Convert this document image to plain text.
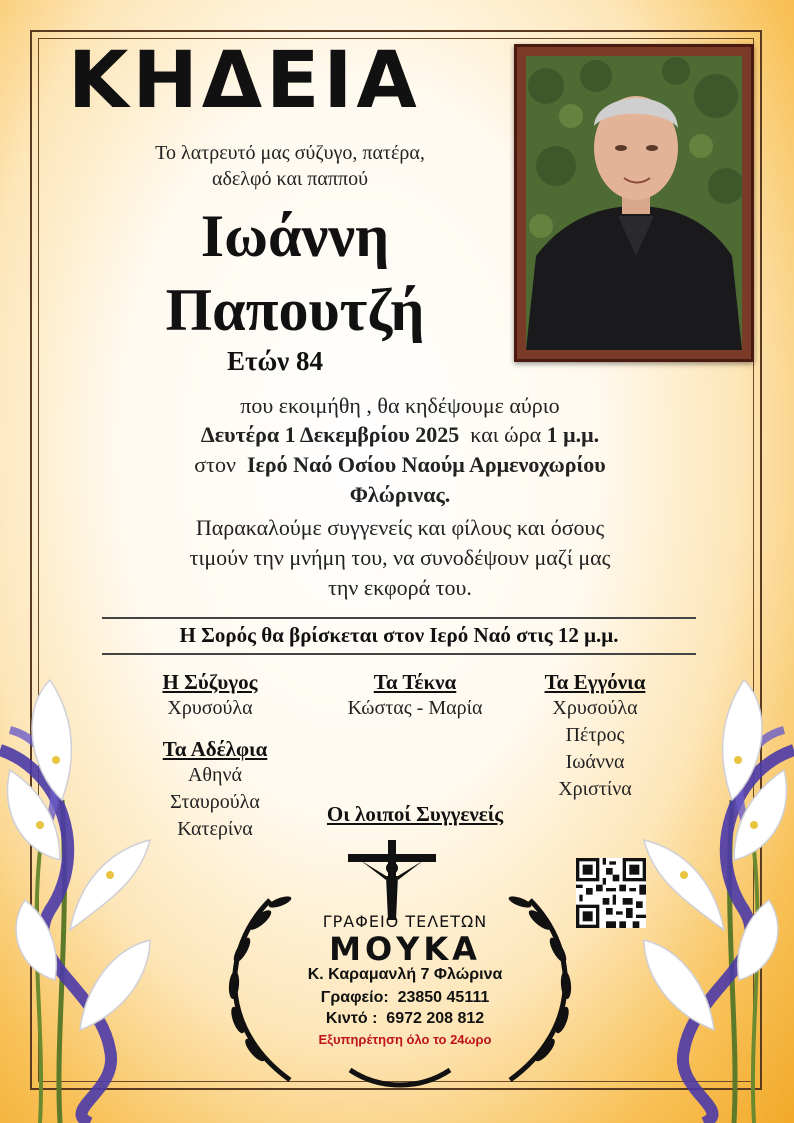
ΚΗΔΕΙΑ
Το λατρευτό μας σύζυγο, πατέρα,
αδελφό και παππού
Ιωάννη
Παπουτζή
Ετών 84
που εκοιμήθη , θα κηδέψουμε αύριο
Δευτέρα 1 Δεκεμβρίου 2025 και ώρα 1 μ.μ.
στον Ιερό Ναό Οσίου Ναούμ Αρμενοχωρίου
Φλώρινας.
Παρακαλούμε συγγενείς και φίλους και όσους
τιμούν την μνήμη του, να συνοδέψουν μαζί μας
την εκφορά του.
Η Σορός θα βρίσκεται στον Ιερό Ναό στις 12 μ.μ.
Η Σύζυγος
Χρυσούλα
Τα Τέκνα
Κώστας - Μαρία
Τα Εγγόνια
Χρυσούλα
Πέτρος
Ιωάννα
Χριστίνα
Τα Αδέλφια
Αθηνά
Σταυρούλα
Κατερίνα
Οι λοιποί Συγγενείς
ΓΡΑΦΕΙΟ ΤΕΛΕΤΩΝ
ΜΟΥΚΑ
Κ. Καραμανλή 7 Φλώρινα
Γραφείο: 23850 45111
Κιντό : 6972 208 812
Εξυπηρέτηση όλο το 24ωρο
